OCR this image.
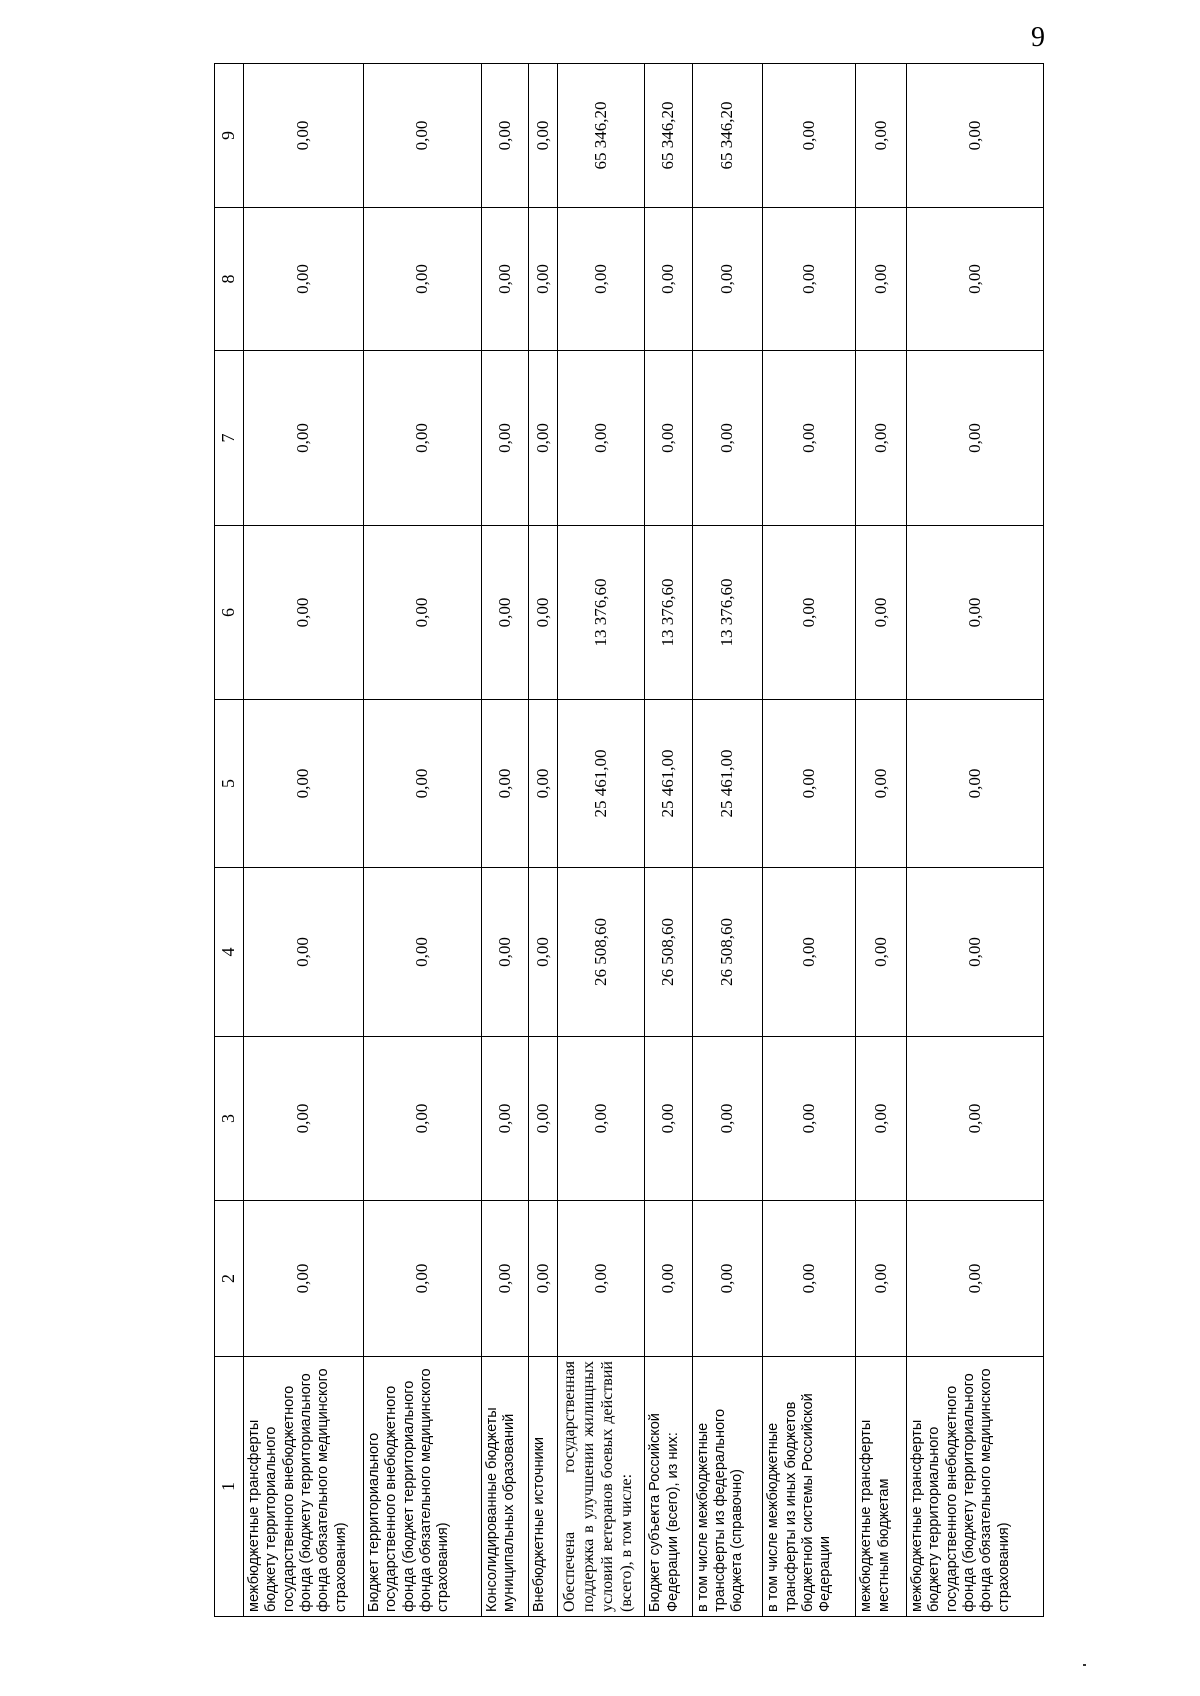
9
1	2	3	4	5	6	7	8	9
межбюджетные трансферты бюджету территориального государственного внебюджетного фонда (бюджету территориального фонда обязательного медицинского страхования)	0,00	0,00	0,00	0,00	0,00	0,00	0,00	0,00
Бюджет территориального государственного внебюджетного фонда (бюджет территориального фонда обязательного медицинского страхования)	0,00	0,00	0,00	0,00	0,00	0,00	0,00	0,00
Консолидированные бюджеты муниципальных образований	0,00	0,00	0,00	0,00	0,00	0,00	0,00	0,00
Внебюджетные источники	0,00	0,00	0,00	0,00	0,00	0,00	0,00	0,00
Обеспечена государственная поддержка в улучшении жилищных условий ветеранов боевых действий (всего), в том числе:	0,00	0,00	26 508,60	25 461,00	13 376,60	0,00	0,00	65 346,20
Бюджет субъекта Российской Федерации (всего), из них:	0,00	0,00	26 508,60	25 461,00	13 376,60	0,00	0,00	65 346,20
в том числе межбюджетные трансферты из федерального бюджета (справочно)	0,00	0,00	26 508,60	25 461,00	13 376,60	0,00	0,00	65 346,20
в том числе межбюджетные трансферты из иных бюджетов бюджетной системы Российской Федерации	0,00	0,00	0,00	0,00	0,00	0,00	0,00	0,00
межбюджетные трансферты местным бюджетам	0,00	0,00	0,00	0,00	0,00	0,00	0,00	0,00
межбюджетные трансферты бюджету территориального государственного внебюджетного фонда (бюджету территориального фонда обязательного медицинского страхования)	0,00	0,00	0,00	0,00	0,00	0,00	0,00	0,00
